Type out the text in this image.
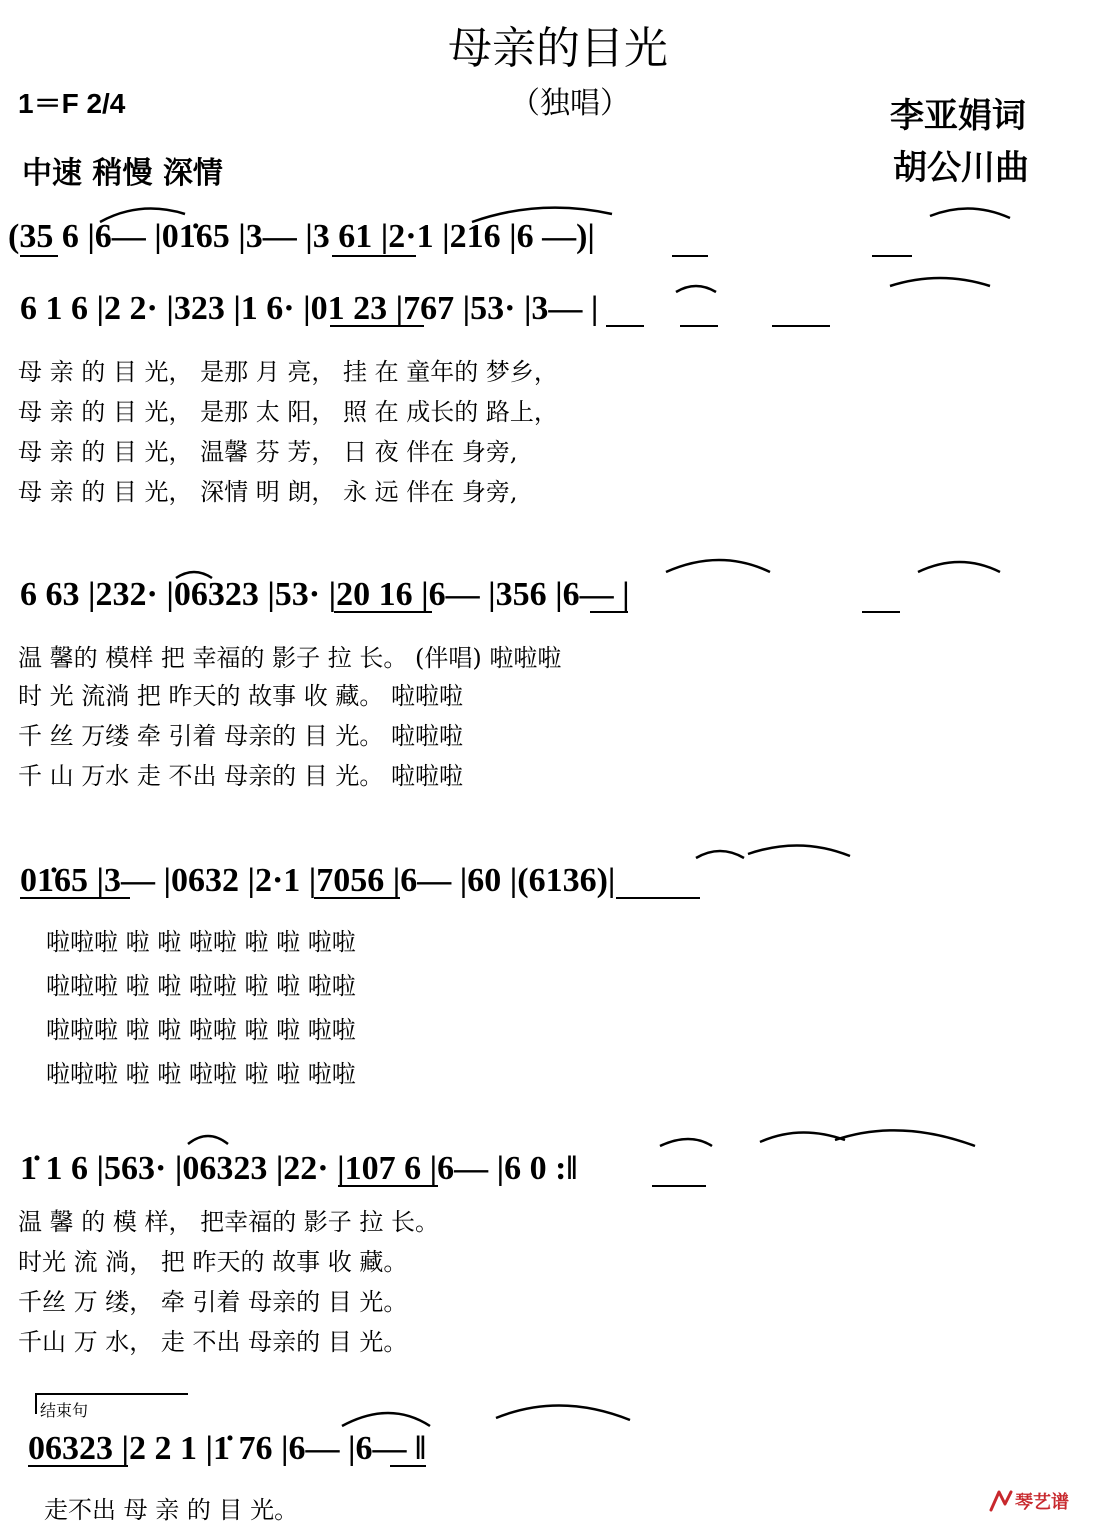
母亲的目光
（独唱）
1＝F 2/4
中速 稍慢 深情
李亚娟词
胡公川曲
(35 6 |6— |01̇65 |3— |3 61 |2·1 |216 |6 —)|
6 1 6 |2 2· |323 |1 6· |01 23 |767 |53· |3— |
母 亲 的 目 光， 是那 月 亮， 挂 在 童年的 梦乡，
母 亲 的 目 光， 是那 太 阳， 照 在 成长的 路上，
母 亲 的 目 光， 温馨 芬 芳， 日 夜 伴在 身旁,
母 亲 的 目 光， 深情 明 朗， 永 远 伴在 身旁,
6 63 |232· |06323 |53· |20 16 |6— |356 |6— |
温 馨的 模样 把 幸福的 影子 拉 长。 (伴唱) 啦啦啦
时 光 流淌 把 昨天的 故事 收 藏。 啦啦啦
千 丝 万缕 牵 引着 母亲的 目 光。 啦啦啦
千 山 万水 走 不出 母亲的 目 光。 啦啦啦
01̇65 |3— |0632 |2·1 |7056 |6— |60 |(6136)|
啦啦啦 啦 啦 啦啦 啦 啦 啦啦
啦啦啦 啦 啦 啦啦 啦 啦 啦啦
啦啦啦 啦 啦 啦啦 啦 啦 啦啦
啦啦啦 啦 啦 啦啦 啦 啦 啦啦
1̇ 1 6 |563· |06323 |22· |107 6 |6— |6 0 :‖
温 馨 的 模 样， 把幸福的 影子 拉 长。
时光 流 淌， 把 昨天的 故事 收 藏。
千丝 万 缕， 牵 引着 母亲的 目 光。
千山 万 水， 走 不出 母亲的 目 光。
结束句
06323 |2 2 1 |1̇ 76 |6— |6— ‖
走不出 母 亲 的 目 光。	琴艺谱
